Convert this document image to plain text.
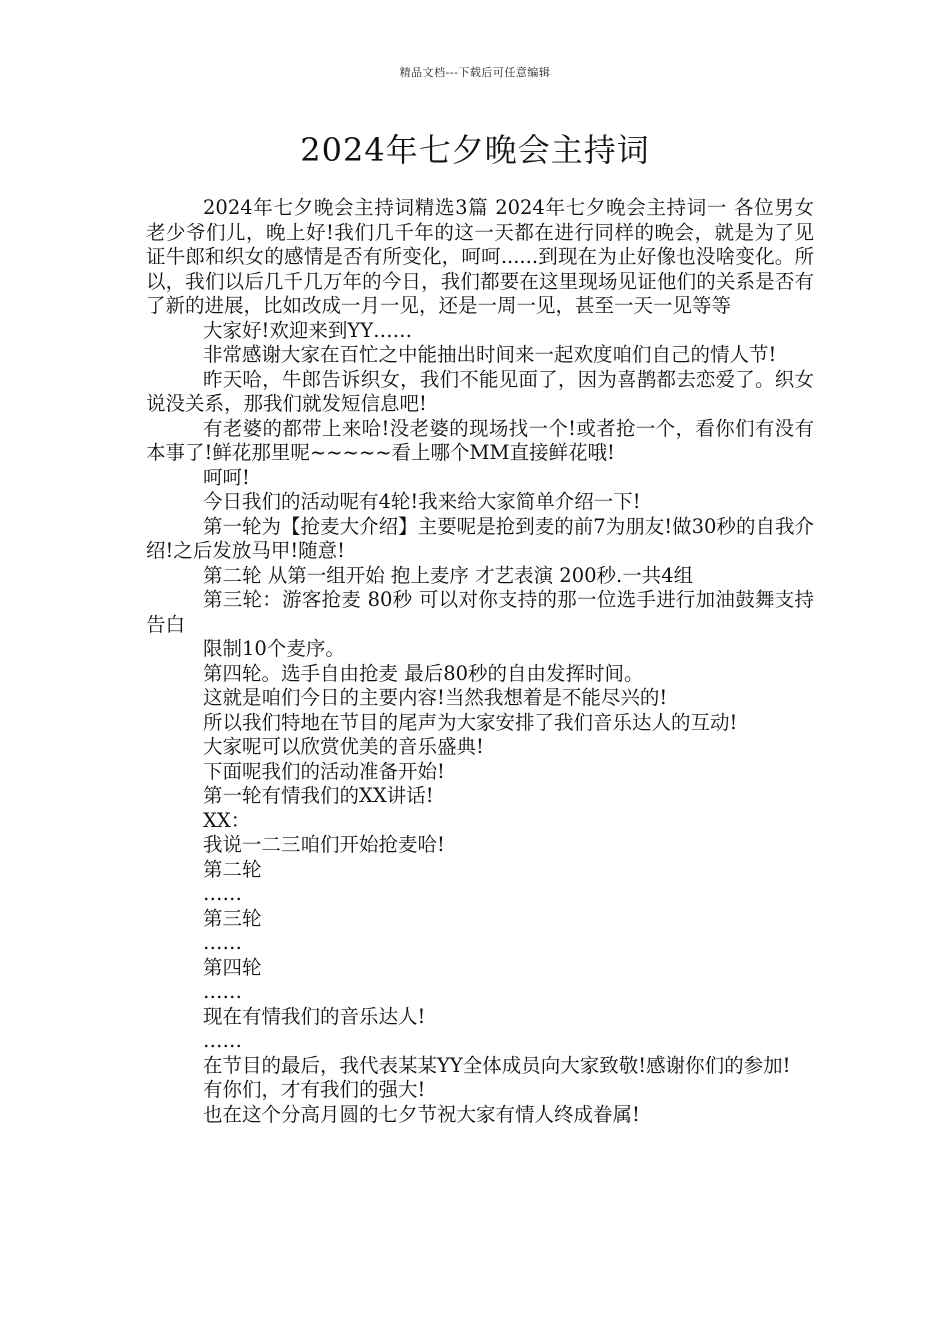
精品文档---下载后可任意编辑
2024年七夕晚会主持词

2024年七夕晚会主持词精选3篇 2024年七夕晚会主持词一 各位男女老少爷们儿，晚上好!我们几千年的这一天都在进行同样的晚会，就是为了见证牛郎和织女的感情是否有所变化，呵呵......到现在为止好像也没啥变化。所以，我们以后几千几万年的今日，我们都要在这里现场见证他们的关系是否有了新的进展，比如改成一月一见，还是一周一见，甚至一天一见等等

大家好!欢迎来到YY……

非常感谢大家在百忙之中能抽出时间来一起欢度咱们自己的情人节!

昨天哈，牛郎告诉织女，我们不能见面了，因为喜鹊都去恋爱了。织女说没关系，那我们就发短信息吧!

有老婆的都带上来哈!没老婆的现场找一个!或者抢一个，看你们有没有本事了!鲜花那里呢~~~~~看上哪个MM直接鲜花哦!

呵呵!

今日我们的活动呢有4轮!我来给大家简单介绍一下!

第一轮为【抢麦大介绍】主要呢是抢到麦的前7为朋友!做30秒的自我介绍!之后发放马甲!随意!

第二轮 从第一组开始 抱上麦序 才艺表演 200秒.一共4组

第三轮：游客抢麦 80秒 可以对你支持的那一位选手进行加油鼓舞支持告白

限制10个麦序。

第四轮。选手自由抢麦 最后80秒的自由发挥时间。

这就是咱们今日的主要内容!当然我想着是不能尽兴的!

所以我们特地在节目的尾声为大家安排了我们音乐达人的互动!

大家呢可以欣赏优美的音乐盛典!

下面呢我们的活动准备开始!

第一轮有情我们的XX讲话!

XX：

我说一二三咱们开始抢麦哈!

第二轮

……

第三轮

……

第四轮

……

现在有情我们的音乐达人!

……

在节目的最后，我代表某某YY全体成员向大家致敬!感谢你们的参加!

有你们，才有我们的强大!

也在这个分高月圆的七夕节祝大家有情人终成眷属!
